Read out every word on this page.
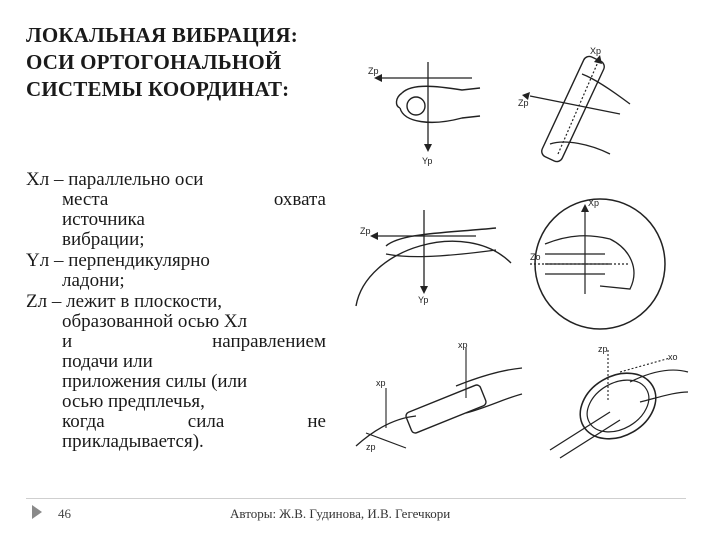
ЛОКАЛЬНАЯ ВИБРАЦИЯ:
ОСИ ОРТОГОНАЛЬНОЙ
СИСТЕМЫ КООРДИНАТ:
Хл – параллельно оси
места охвата
источника
вибрации;
Yл – перпендикулярно
ладони;
Zл – лежит в плоскости,
образованной осью Хл
и направлением
подачи или
приложения силы (или
осью предплечья,
когда сила не
прикладывается).
Zp
Yp
Xp
Zp
Zp
Yp
Xp
Zo
xp
xp
zp
zp
xo
46	Авторы: Ж.В. Гудинова, И.В. Гегечкори
